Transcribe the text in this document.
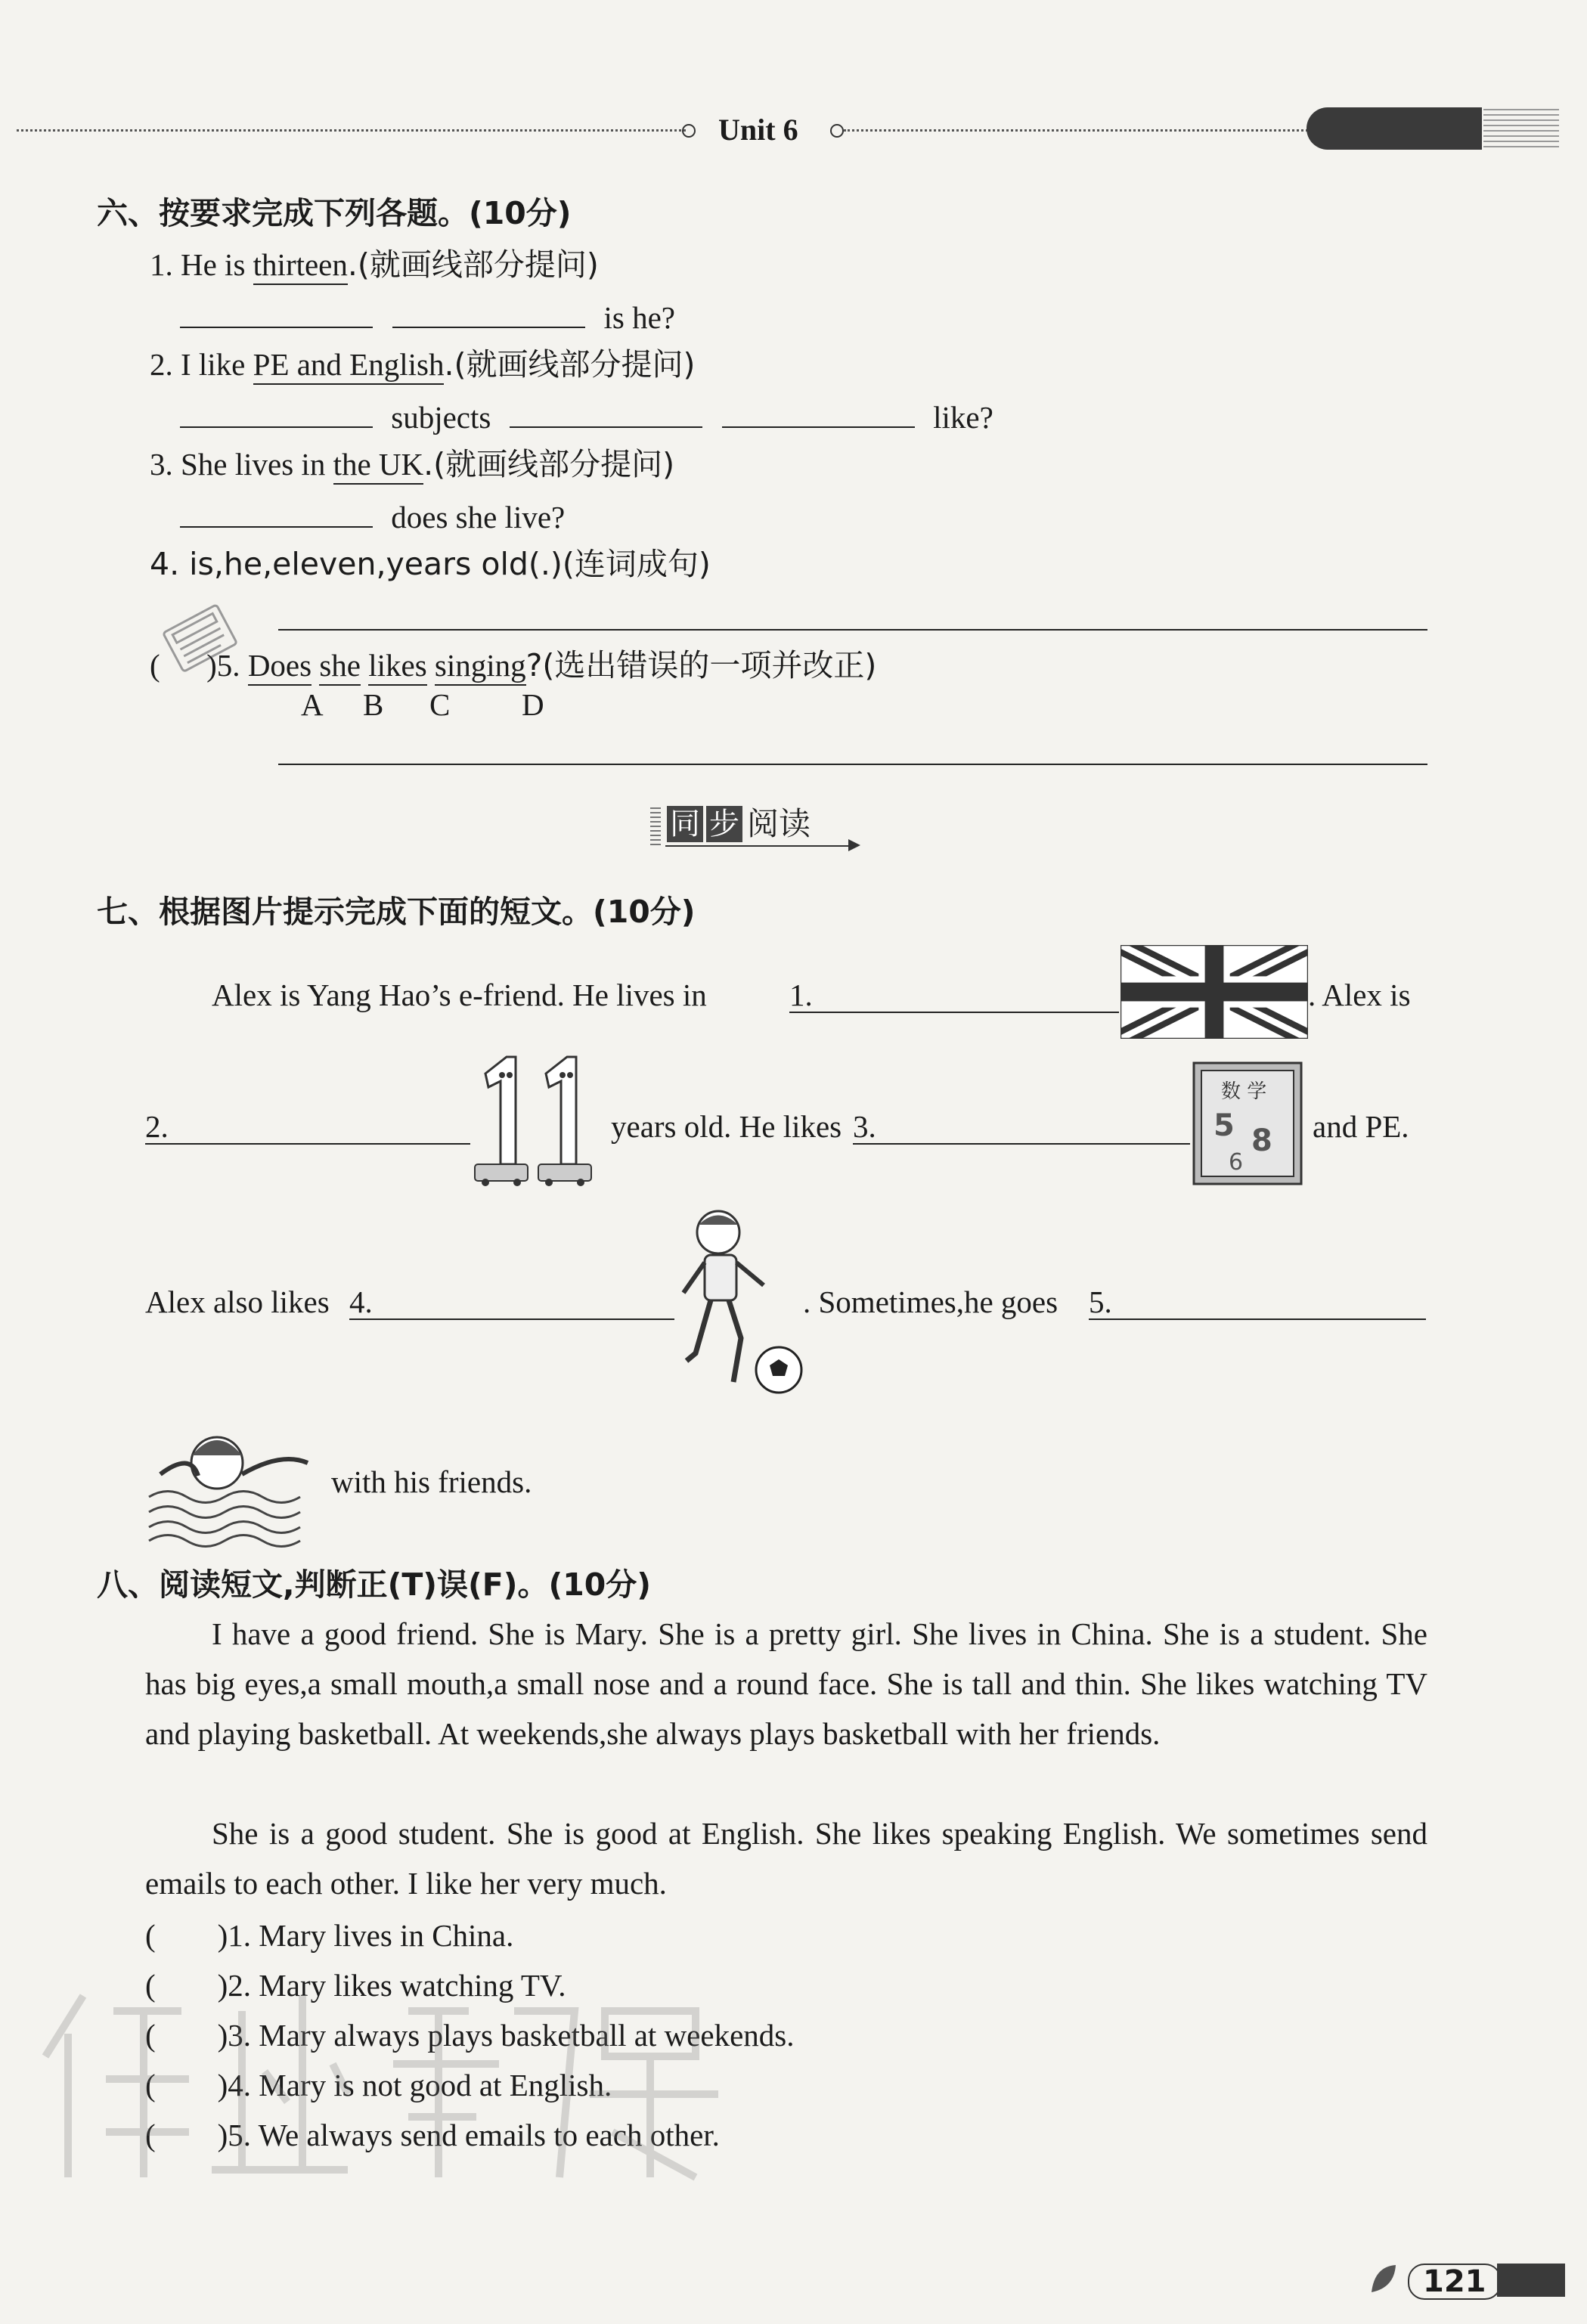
Unit 6
六、按要求完成下列各题。(10分)
1. He is thirteen.(就画线部分提问)
is he?
2. I like PE and English.(就画线部分提问)
subjects	like?
3. She lives in the UK.(就画线部分提问)
does she live?
4. is,he,eleven,years old(.)(连词成句)
(      )5. Does she likes singing?(选出错误的一项并改正)
A B C D
同 步 阅读
七、根据图片提示完成下面的短文。(10分)
Alex is Yang Hao’s e-friend. He lives in 1.	. Alex is
2.	years old. He likes 3.
数 学
5 8
6
and PE.
Alex also likes 4.	. Sometimes,he goes 5.
with his friends.
八、阅读短文,判断正(T)误(F)。(10分)
I have a good friend. She is Mary. She is a pretty girl. She lives in China. She is a student. She has big eyes,a small mouth,a small nose and a round face. She is tall and thin. She likes watching TV and playing basketball. At weekends,she always plays basketball with her friends.
She is a good student. She is good at English. She likes speaking English. We sometimes send emails to each other. I like her very much.
(        )1. Mary lives in China.
(        )2. Mary likes watching TV.
(        )3. Mary always plays basketball at weekends.
(        )4. Mary is not good at English.
(        )5. We always send emails to each other.
121
